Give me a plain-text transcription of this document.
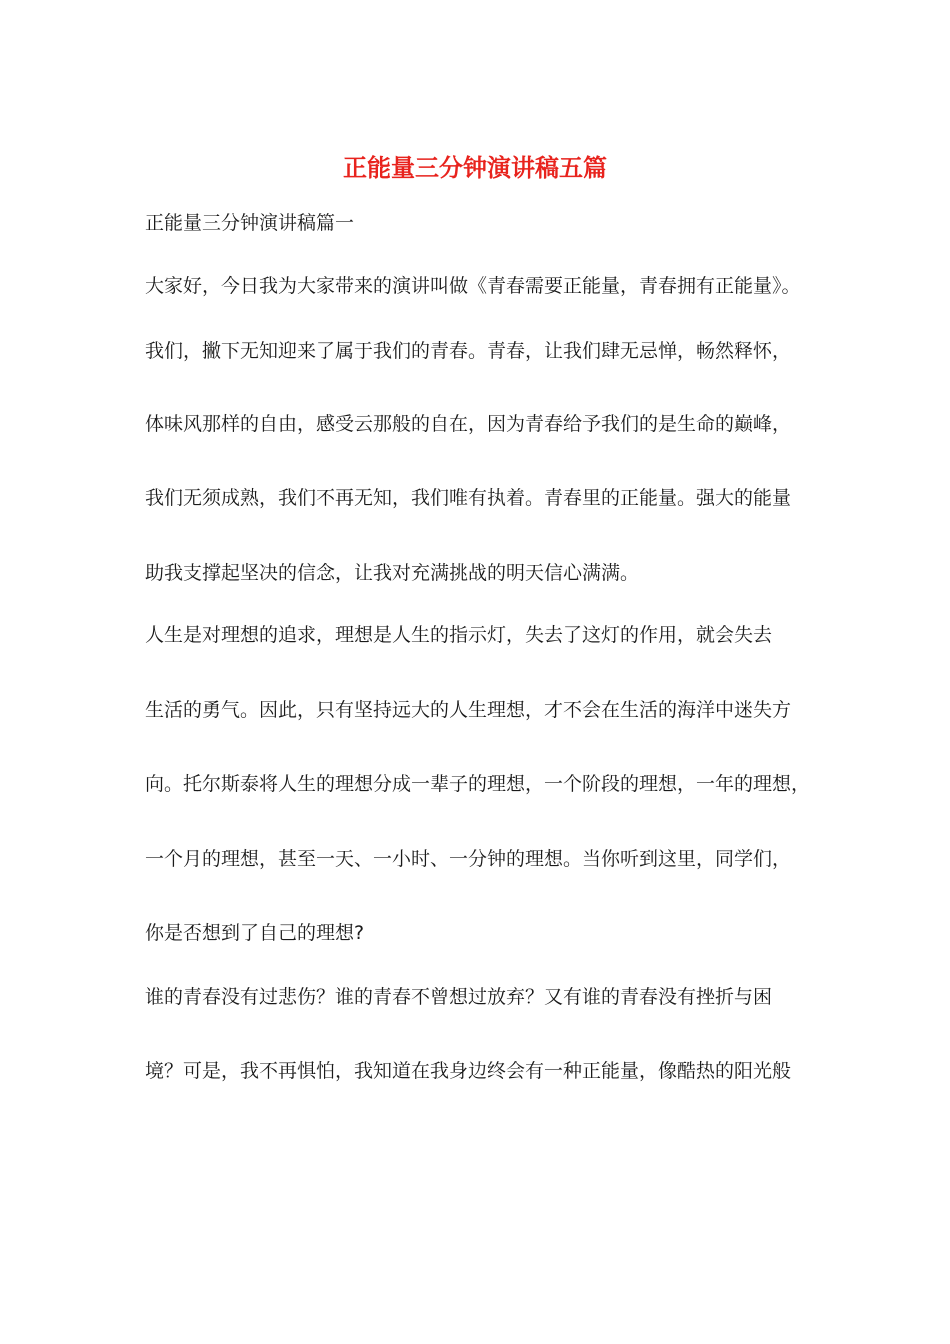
正能量三分钟演讲稿五篇
正能量三分钟演讲稿篇一
大家好，今日我为大家带来的演讲叫做《青春需要正能量，青春拥有正能量》。
我们，撇下无知迎来了属于我们的青春。青春，让我们肆无忌惮，畅然释怀，
体味风那样的自由，感受云那般的自在，因为青春给予我们的是生命的巅峰，
我们无须成熟，我们不再无知，我们唯有执着。青春里的正能量。强大的能量
助我支撑起坚决的信念，让我对充满挑战的明天信心满满。
人生是对理想的追求，理想是人生的指示灯，失去了这灯的作用，就会失去
生活的勇气。因此，只有坚持远大的人生理想，才不会在生活的海洋中迷失方
向。托尔斯泰将人生的理想分成一辈子的理想，一个阶段的理想，一年的理想，
一个月的理想，甚至一天、一小时、一分钟的理想。当你听到这里，同学们，
你是否想到了自己的理想?
谁的青春没有过悲伤？谁的青春不曾想过放弃？又有谁的青春没有挫折与困
境？可是，我不再惧怕，我知道在我身边终会有一种正能量，像酷热的阳光般
